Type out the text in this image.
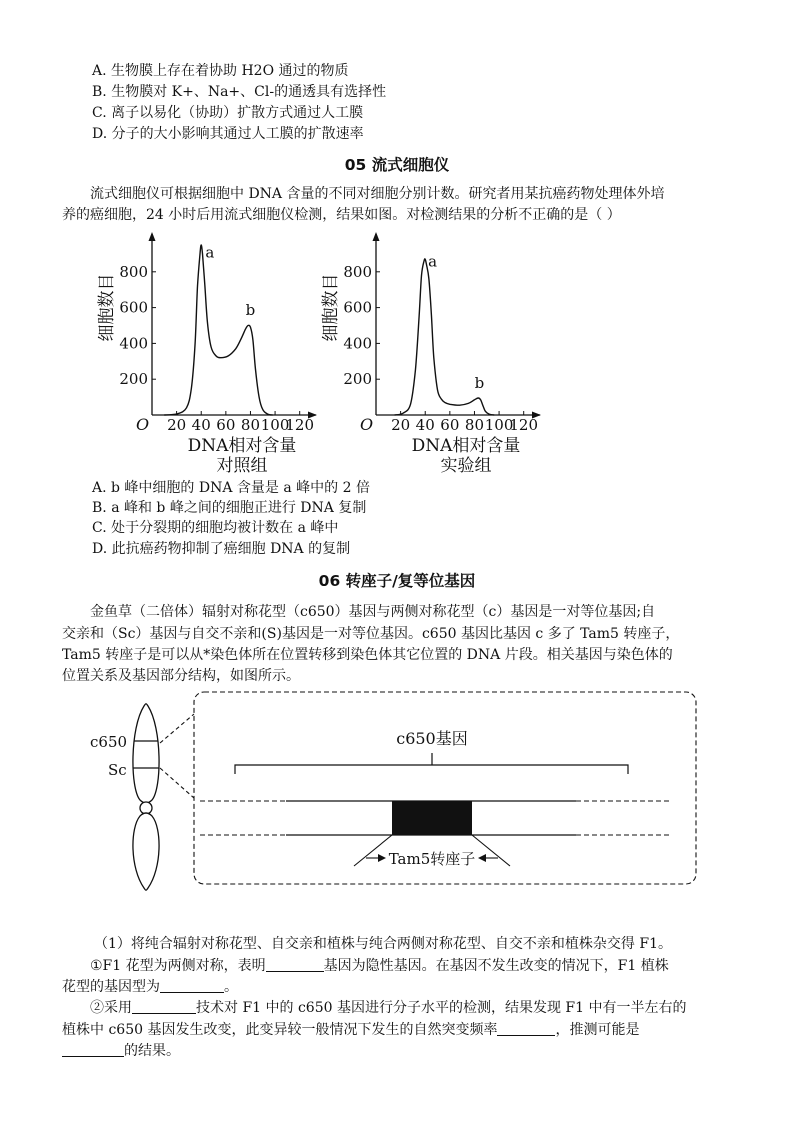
A. 生物膜上存在着协助 H2O 通过的物质
B. 生物膜对 K+、Na+、Cl-的通透具有选择性
C. 离子以易化（协助）扩散方式通过人工膜
D. 分子的大小影响其通过人工膜的扩散速率
05 流式细胞仪
流式细胞仪可根据细胞中 DNA 含量的不同对细胞分别计数。研究者用某抗癌药物处理体外培
养的癌细胞，24 小时后用流式细胞仪检测，结果如图。对检测结果的分析不正确的是（ ）
200
400
600
800
20 40 60 80 100
120
O
细胞数目
DNA相对含量
对照组
a
b
200
400
600
800
20 40 60 80 100
120
O
细胞数目
DNA相对含量
实验组
a
b
A. b 峰中细胞的 DNA 含量是 a 峰中的 2 倍
B. a 峰和 b 峰之间的细胞正进行 DNA 复制
C. 处于分裂期的细胞均被计数在 a 峰中
D. 此抗癌药物抑制了癌细胞 DNA 的复制
06 转座子/复等位基因
金鱼草（二倍体）辐射对称花型（c650）基因与两侧对称花型（c）基因是一对等位基因;自
交亲和（Sc）基因与自交不亲和(S)基因是一对等位基因。c650 基因比基因 c 多了 Tam5 转座子，
Tam5 转座子是可以从*染色体所在位置转移到染色体其它位置的 DNA 片段。相关基因与染色体的
位置关系及基因部分结构，如图所示。
c650
Sc
c650基因
Tam5转座子
（1）将纯合辐射对称花型、自交亲和植株与纯合两侧对称花型、自交不亲和植株杂交得 F1。
①F1 花型为两侧对称，表明	基因为隐性基因。在基因不发生改变的情况下，F1 植株
花型的基因型为	。
②采用	技术对 F1 中的 c650 基因进行分子水平的检测，结果发现 F1 中有一半左右的
植株中 c650 基因发生改变，此变异较一般情况下发生的自然突变频率	，推测可能是
的结果。
